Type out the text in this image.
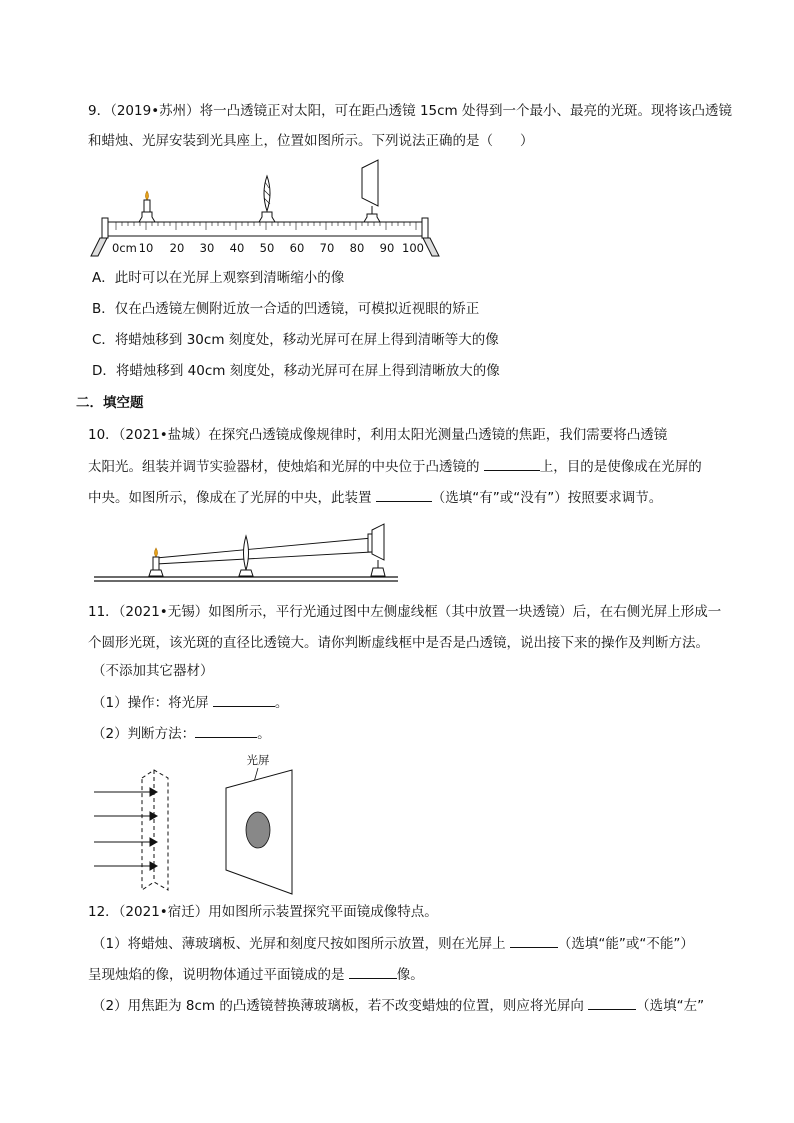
9．（2019•苏州）将一凸透镜正对太阳，可在距凸透镜 15cm 处得到一个最小、最亮的光斑。现将该凸透镜
和蜡烛、光屏安装到光具座上，位置如图所示。下列说法正确的是（　　）
0cm 10 20 30 40 50 60 70 80 90 100
A．此时可以在光屏上观察到清晰缩小的像
B．仅在凸透镜左侧附近放一合适的凹透镜，可模拟近视眼的矫正
C．将蜡烛移到 30cm 刻度处，移动光屏可在屏上得到清晰等大的像
D．将蜡烛移到 40cm 刻度处，移动光屏可在屏上得到清晰放大的像
二．填空题
10．（2021•盐城）在探究凸透镜成像规律时，利用太阳光测量凸透镜的焦距，我们需要将凸透镜
太阳光。组装并调节实验器材，使烛焰和光屏的中央位于凸透镜的	上，目的是使像成在光屏的
中央。如图所示，像成在了光屏的中央，此装置	（选填“有”或“没有”）按照要求调节。
11．（2021•无锡）如图所示，平行光通过图中左侧虚线框（其中放置一块透镜）后，在右侧光屏上形成一
个圆形光斑，该光斑的直径比透镜大。请你判断虚线框中是否是凸透镜，说出接下来的操作及判断方法。
（不添加其它器材）
（1）操作：将光屏	。
（2）判断方法：	。
光屏
12．（2021•宿迁）用如图所示装置探究平面镜成像特点。
（1）将蜡烛、薄玻璃板、光屏和刻度尺按如图所示放置，则在光屏上	（选填“能”或“不能”）
呈现烛焰的像，说明物体通过平面镜成的是	像。
（2）用焦距为 8cm 的凸透镜替换薄玻璃板，若不改变蜡烛的位置，则应将光屏向	（选填“左”
